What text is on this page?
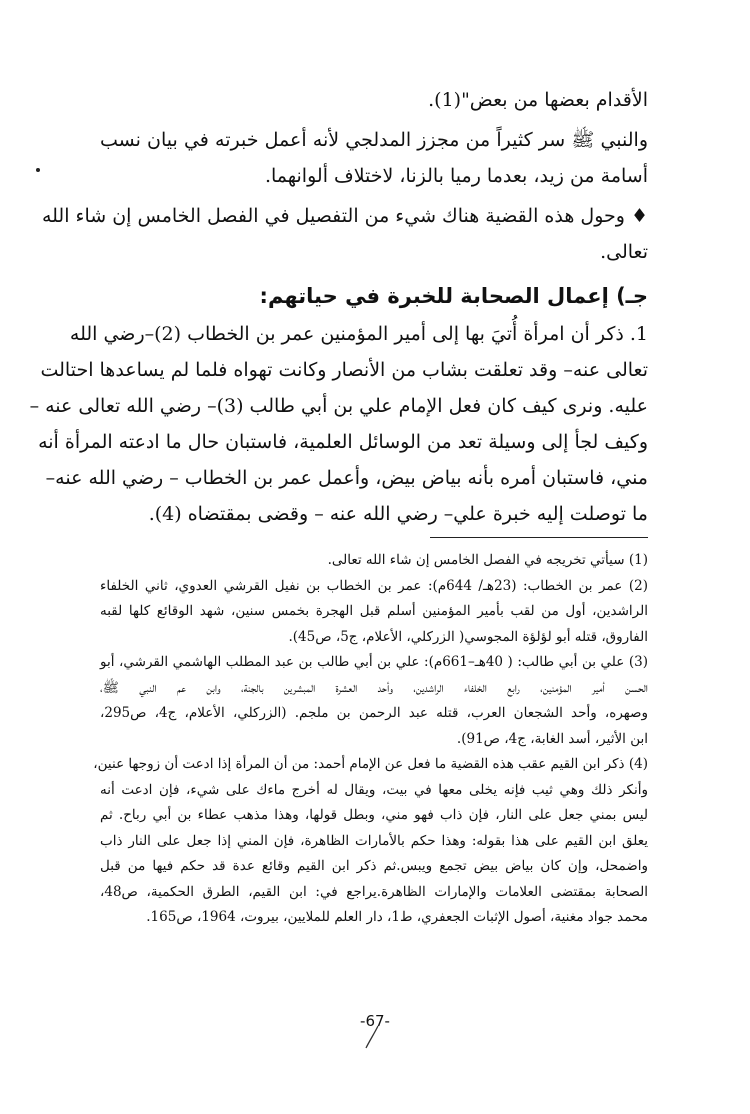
الأقدام بعضها من بعض"(1).

والنبي ﷺ سر كثيراً من مجزز المدلجي لأنه أعمل خبرته في بيان نسب

أسامة من زيد، بعدما رميا بالزنا، لاختلاف ألوانهما.

♦ وحول هذه القضية هناك شيء من التفصيل في الفصل الخامس إن شاء الله

تعالى.

جـ) إعمال الصحابة للخبرة في حياتهم:

1. ذكر أن امرأة أُتيَ بها إلى أمير المؤمنين عمر بن الخطاب (2)–رضي الله

تعالى عنه– وقد تعلقت بشاب من الأنصار وكانت تهواه فلما لم يساعدها احتالت

عليه. ونرى كيف كان فعل الإمام علي بن أبي طالب (3)– رضي الله تعالى عنه –

وكيف لجأ إلى وسيلة تعد من الوسائل العلمية، فاستبان حال ما ادعته المرأة أنه

مني، فاستبان أمره بأنه بياض بيض، وأعمل عمر بن الخطاب – رضي الله عنه–

ما توصلت إليه خبرة علي– رضي الله عنه – وقضى بمقتضاه (4).

(1) سيأتي تخريجه في الفصل الخامس إن شاء الله تعالى.

(2) عمر بن الخطاب: (23هـ/ 644م): عمر بن الخطاب بن نفيل القرشي العدوي، ثاني الخلفاء

الراشدين، أول من لقب بأمير المؤمنين أسلم قبل الهجرة بخمس سنين، شهد الوقائع كلها لقبه

الفاروق، قتله أبو لؤلؤة المجوسي( الزركلي، الأعلام، ج5، ص45).

(3) علي بن أبي طالب: ( 40هـ–661م): علي بن أبي طالب بن عبد المطلب الهاشمي القرشي، أبو

الحسن أمير المؤمنين، رابع الخلفاء الراشدين، وأحد العشرة المبشرين بالجنة، وابن عم النبي ﷺ،

وصهره، وأحد الشجعان العرب، قتله عبد الرحمن بن ملجم. (الزركلي، الأعلام، ج4، ص295،

ابن الأثير، أسد الغابة، ج4، ص91).

(4) ذكر ابن القيم عقب هذه القضية ما فعل عن الإمام أحمد: من أن المرأة إذا ادعت أن زوجها عنين،

وأنكر ذلك وهي ثيب فإنه يخلى معها في بيت، ويقال له أخرج ماءك على شيء، فإن ادعت أنه

ليس بمني جعل على النار، فإن ذاب فهو مني، وبطل قولها، وهذا مذهب عطاء بن أبي رباح. ثم

يعلق ابن القيم على هذا بقوله: وهذا حكم بالأمارات الظاهرة، فإن المني إذا جعل على النار ذاب

واضمحل، وإن كان بياض بيض تجمع ويبس.ثم ذكر ابن القيم وقائع عدة قد حكم فيها من قبل

الصحابة بمقتضى العلامات والإمارات الظاهرة.يراجع في: ابن القيم، الطرق الحكمية، ص48،

محمد جواد مغنية، أصول الإثبات الجعفري، ط1، دار العلم للملايين، بيروت، 1964، ص165.

-67-
